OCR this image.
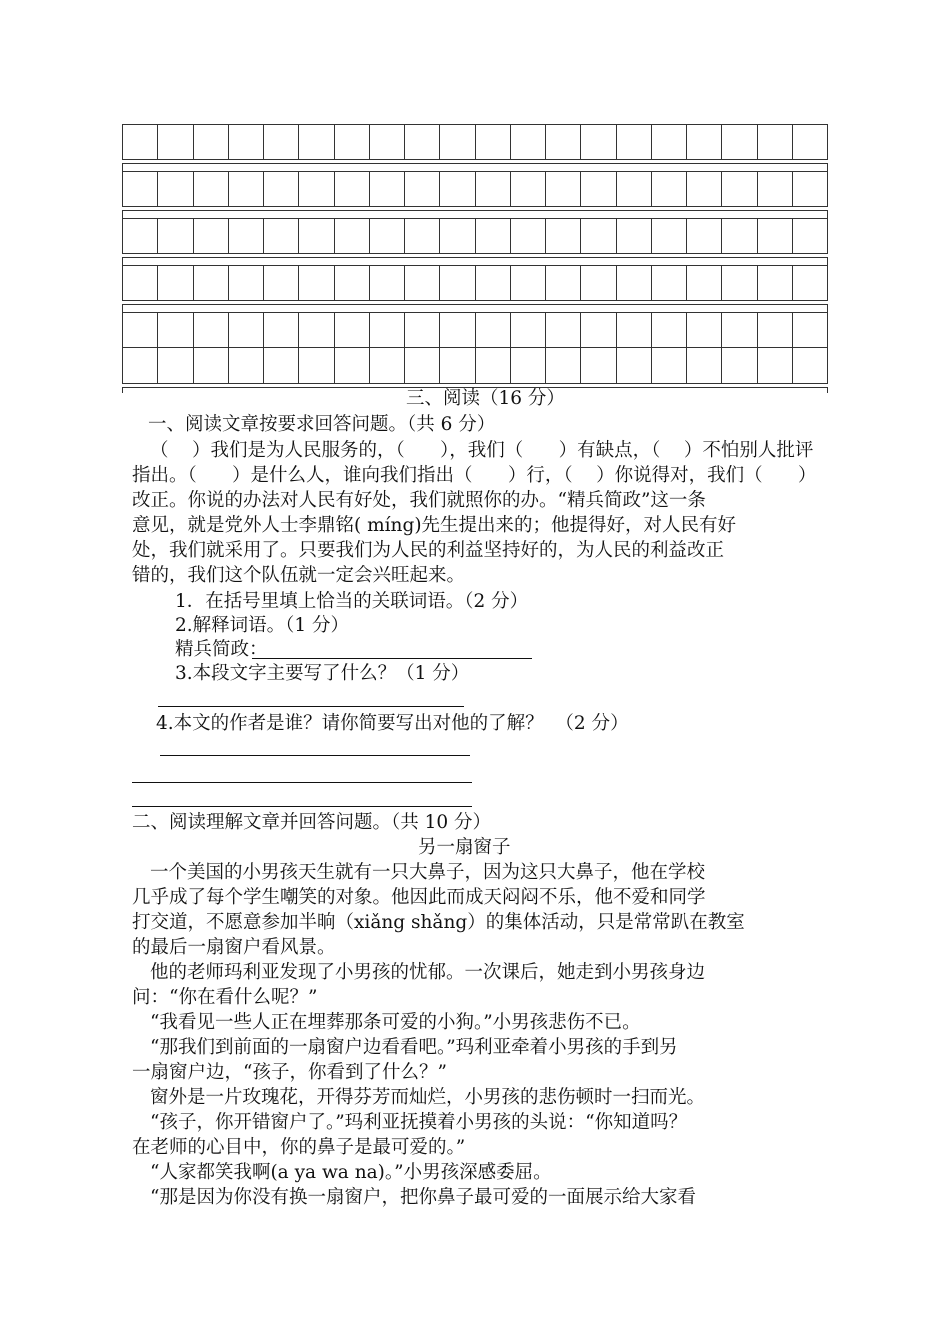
三、阅读（16 分）
一、阅读文章按要求回答问题。（共 6 分）
（    ）我们是为人民服务的，（      ），我们（      ）有缺点，（    ）不怕别人批评
指出。（      ）是什么人，谁向我们指出（      ）行，（    ）你说得对，我们（      ）
改正。你说的办法对人民有好处，我们就照你的办。“精兵简政”这一条
意见，就是党外人士李鼎铭( míng)先生提出来的；他提得好，对人民有好
处，我们就采用了。只要我们为人民的利益坚持好的，为人民的利益改正
错的，我们这个队伍就一定会兴旺起来。
1．在括号里填上恰当的关联词语。（2 分）
2.解释词语。（1 分）
精兵简政：
3.本段文字主要写了什么？（1 分）
4.本文的作者是谁？请你简要写出对他的了解？  （2 分）
二、阅读理解文章并回答问题。（共 10 分）
另一扇窗子
一个美国的小男孩天生就有一只大鼻子，因为这只大鼻子，他在学校
几乎成了每个学生嘲笑的对象。他因此而成天闷闷不乐，他不爱和同学
打交道，不愿意参加半晌（xiǎng shǎng）的集体活动，只是常常趴在教室
的最后一扇窗户看风景。
他的老师玛利亚发现了小男孩的忧郁。一次课后，她走到小男孩身边
问：“你在看什么呢？”
“我看见一些人正在埋葬那条可爱的小狗。”小男孩悲伤不已。
“那我们到前面的一扇窗户边看看吧。”玛利亚牵着小男孩的手到另
一扇窗户边，“孩子，你看到了什么？”
窗外是一片玫瑰花，开得芬芳而灿烂，小男孩的悲伤顿时一扫而光。
“孩子，你开错窗户了。”玛利亚抚摸着小男孩的头说：“你知道吗？
在老师的心目中，你的鼻子是最可爱的。”
“人家都笑我啊(a ya wa na)。”小男孩深感委屈。
“那是因为你没有换一扇窗户，把你鼻子最可爱的一面展示给大家看
